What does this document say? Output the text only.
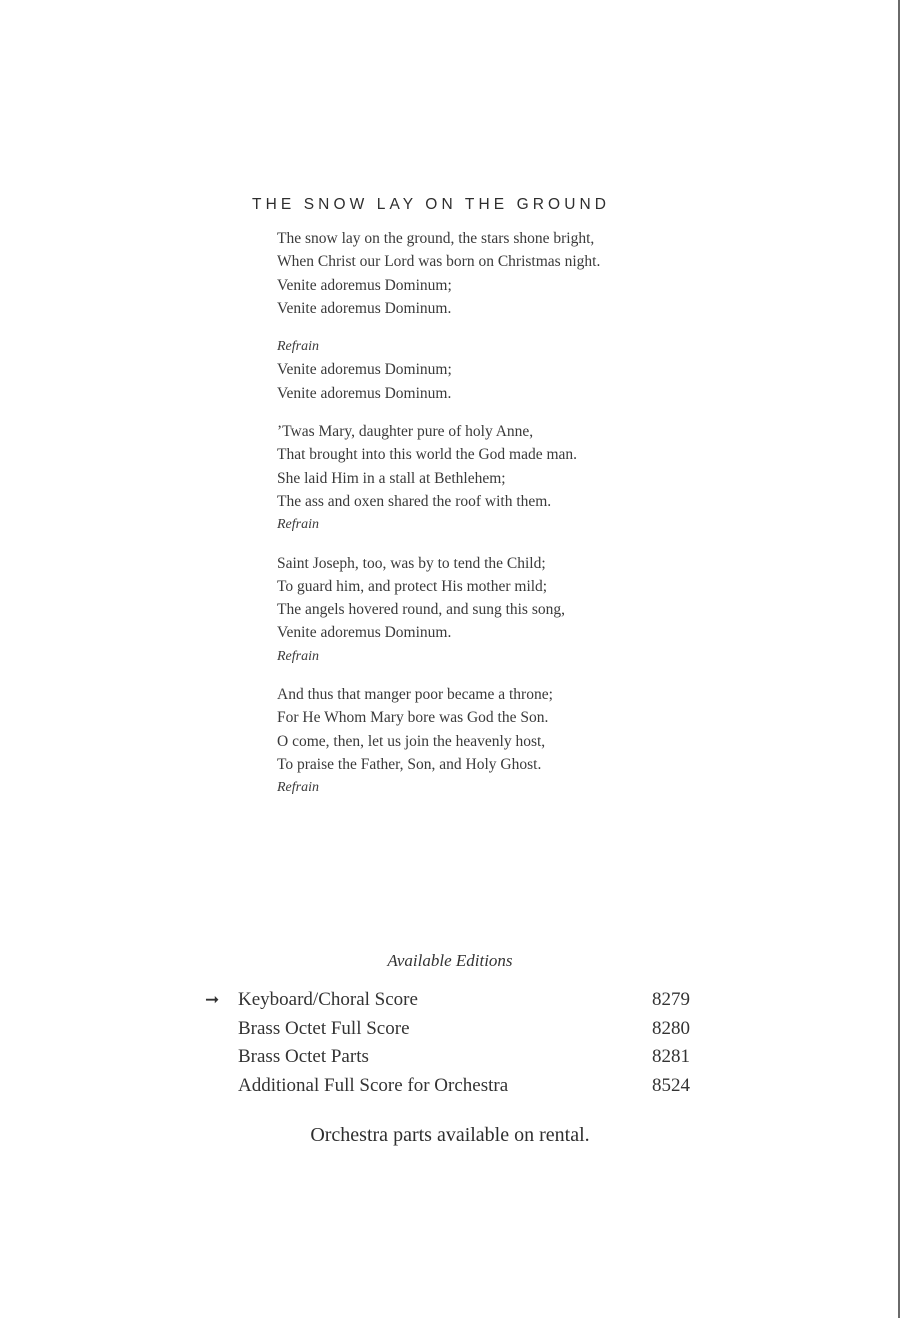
THE SNOW LAY ON THE GROUND
The snow lay on the ground, the stars shone bright,
When Christ our Lord was born on Christmas night.
Venite adoremus Dominum;
Venite adoremus Dominum.
Refrain
Venite adoremus Dominum;
Venite adoremus Dominum.
’Twas Mary, daughter pure of holy Anne,
That brought into this world the God made man.
She laid Him in a stall at Bethlehem;
The ass and oxen shared the roof with them.
Refrain
Saint Joseph, too, was by to tend the Child;
To guard him, and protect His mother mild;
The angels hovered round, and sung this song,
Venite adoremus Dominum.
Refrain
And thus that manger poor became a throne;
For He Whom Mary bore was God the Son.
O come, then, let us join the heavenly host,
To praise the Father, Son, and Holy Ghost.
Refrain
Available Editions
➞ Keyboard/Choral Score	8279
Brass Octet Full Score	8280
Brass Octet Parts	8281
Additional Full Score for Orchestra	8524
Orchestra parts available on rental.
